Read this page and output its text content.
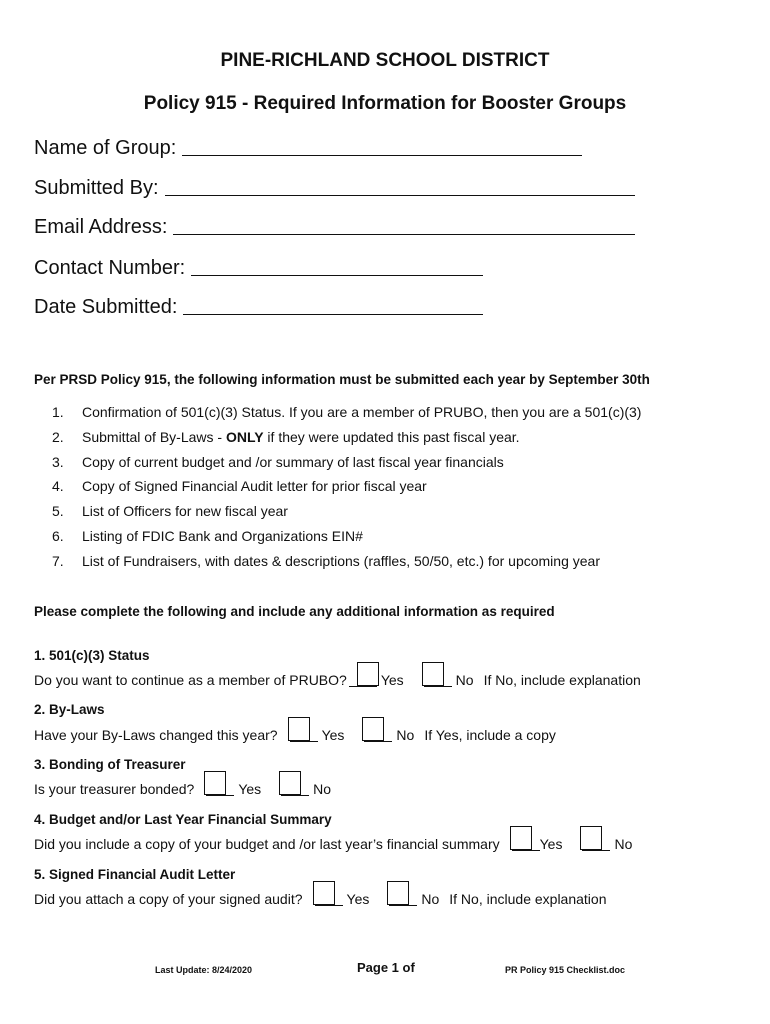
PINE-RICHLAND SCHOOL DISTRICT
Policy 915 - Required Information for Booster Groups
Name of Group:
Submitted By:
Email Address:
Contact Number:
Date Submitted:
Per PRSD Policy 915, the following information must be submitted each year by September 30th
1.	Confirmation of 501(c)(3) Status. If you are a member of PRUBO, then you are a 501(c)(3)
2.	Submittal of By-Laws - ONLY if they were updated this past fiscal year.
3.	Copy of current budget and /or summary of last fiscal year financials
4.	Copy of Signed Financial Audit letter for prior fiscal year
5.	List of Officers for new fiscal year
6.	Listing of FDIC Bank and Organizations EIN#
7.	List of Fundraisers, with dates & descriptions (raffles, 50/50, etc.) for upcoming year
Please complete the following and include any additional information as required
1. 501(c)(3) Status
Do you want to continue as a member of PRUBO? Yes	No If No, include explanation
2. By-Laws
Have your By-Laws changed this year?	Yes	No If Yes, include a copy
3. Bonding of Treasurer
Is your treasurer bonded?	Yes	No
4. Budget and/or Last Year Financial Summary
Did you include a copy of your budget and /or last year’s financial summary	Yes	No
5. Signed Financial Audit Letter
Did you attach a copy of your signed audit?	Yes	No If No, include explanation
Last Update: 8/24/2020	Page 1 of	PR Policy 915 Checklist.doc
